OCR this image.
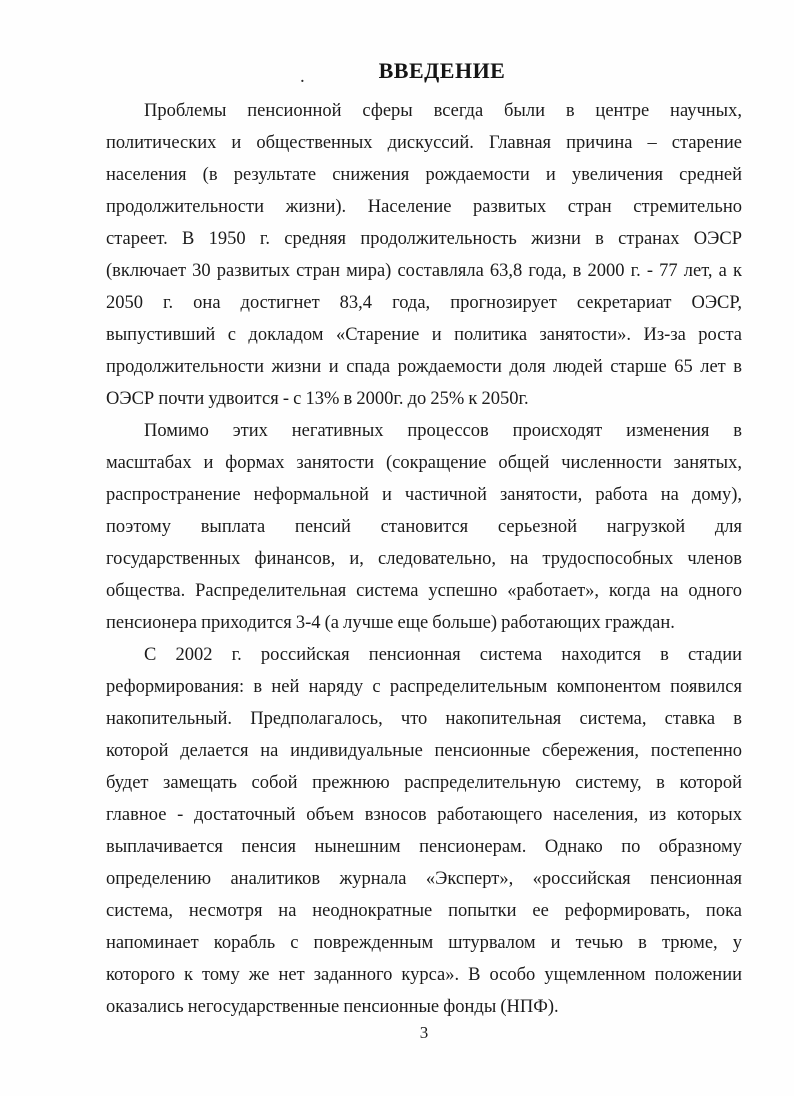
.	ВВЕДЕНИЕ
Проблемы пенсионной сферы всегда были в центре научных,
политических и общественных дискуссий. Главная причина – старение
населения (в результате снижения рождаемости и увеличения средней
продолжительности жизни). Население развитых стран стремительно
стареет. В 1950 г. средняя продолжительность жизни в странах ОЭСР
(включает 30 развитых стран мира) составляла 63,8 года, в 2000 г. - 77 лет, а к
2050 г. она достигнет 83,4 года, прогнозирует секретариат ОЭСР,
выпустивший с докладом «Старение и политика занятости». Из-за роста
продолжительности жизни и спада рождаемости доля людей старше 65 лет в
ОЭСР почти удвоится - с 13% в 2000г. до 25% к 2050г.
Помимо этих негативных процессов происходят изменения в
масштабах и формах занятости (сокращение общей численности занятых,
распространение неформальной и частичной занятости, работа на дому),
поэтому выплата пенсий становится серьезной нагрузкой для
государственных финансов, и, следовательно, на трудоспособных членов
общества. Распределительная система успешно «работает», когда на одного
пенсионера приходится 3-4 (а лучше еще больше) работающих граждан.
С 2002 г. российская пенсионная система находится в стадии
реформирования: в ней наряду с распределительным компонентом появился
накопительный. Предполагалось, что накопительная система, ставка в
которой делается на индивидуальные пенсионные сбережения, постепенно
будет замещать собой прежнюю распределительную систему, в которой
главное - достаточный объем взносов работающего населения, из которых
выплачивается пенсия нынешним пенсионерам. Однако по образному
определению аналитиков журнала «Эксперт», «российская пенсионная
система, несмотря на неоднократные попытки ее реформировать, пока
напоминает корабль с поврежденным штурвалом и течью в трюме, у
которого к тому же нет заданного курса». В особо ущемленном положении
оказались негосударственные пенсионные фонды (НПФ).
3
